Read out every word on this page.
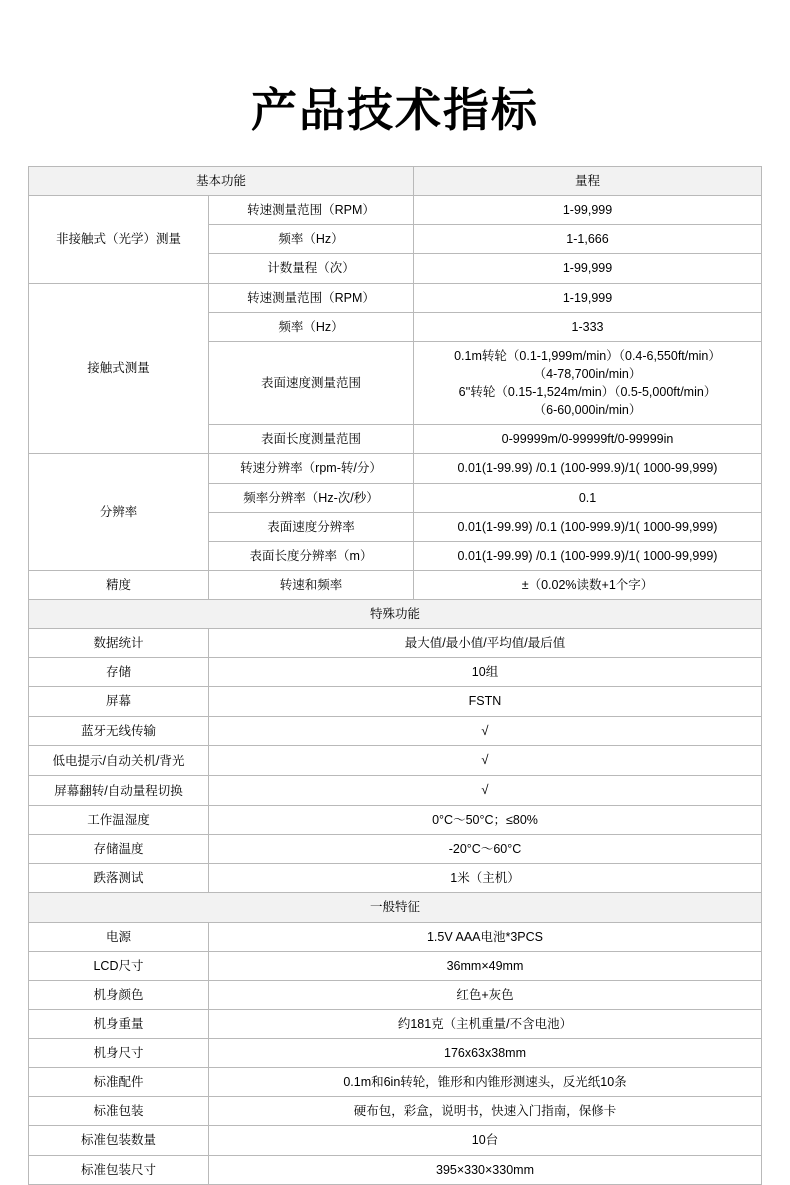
产品技术指标
基本功能		量程
非接触式（光学）测量	转速测量范围（RPM）	1-99,999
	频率（Hz）	1-1,666
	计数量程（次）	1-99,999
接触式测量	转速测量范围（RPM）	1-19,999
	频率（Hz）	1-333
	表面速度测量范围	0.1m转轮（0.1-1,999m/min）（0.4-6,550ft/min）
（4-78,700in/min）
6''转轮（0.15-1,524m/min）（0.5-5,000ft/min）
（6-60,000in/min）

	表面长度测量范围	0-99999m/0-99999ft/0-99999in
分辨率	转速分辨率（rpm-转/分）	0.01(1-99.99) /0.1 (100-999.9)/1( 1000-99,999)
	频率分辨率（Hz-次/秒）	0.1
	表面速度分辨率	0.01(1-99.99) /0.1 (100-999.9)/1( 1000-99,999)
	表面长度分辨率（m）	0.01(1-99.99) /0.1 (100-999.9)/1( 1000-99,999)
精度	转速和频率	±（0.02%读数+1个字）
特殊功能		
数据统计	最大值/最小值/平均值/最后值	
存储	10组	
屏幕	FSTN	
蓝牙无线传输	√	
低电提示/自动关机/背光	√	
屏幕翻转/自动量程切换	√	
工作温湿度	0°C～50°C；≤80%	
存储温度	-20°C～60°C	
跌落测试	1米（主机）	
一般特征		
电源	1.5V AAA电池*3PCS	
LCD尺寸	36mm×49mm	
机身颜色	红色+灰色	
机身重量	约181克（主机重量/不含电池）	
机身尺寸	176x63x38mm	
标准配件	0.1m和6in转轮，锥形和内锥形测速头，反光纸10条	
标准包装	硬布包，彩盒，说明书，快速入门指南，保修卡	
标准包装数量	10台	
标准包装尺寸	395×330×330mm	
